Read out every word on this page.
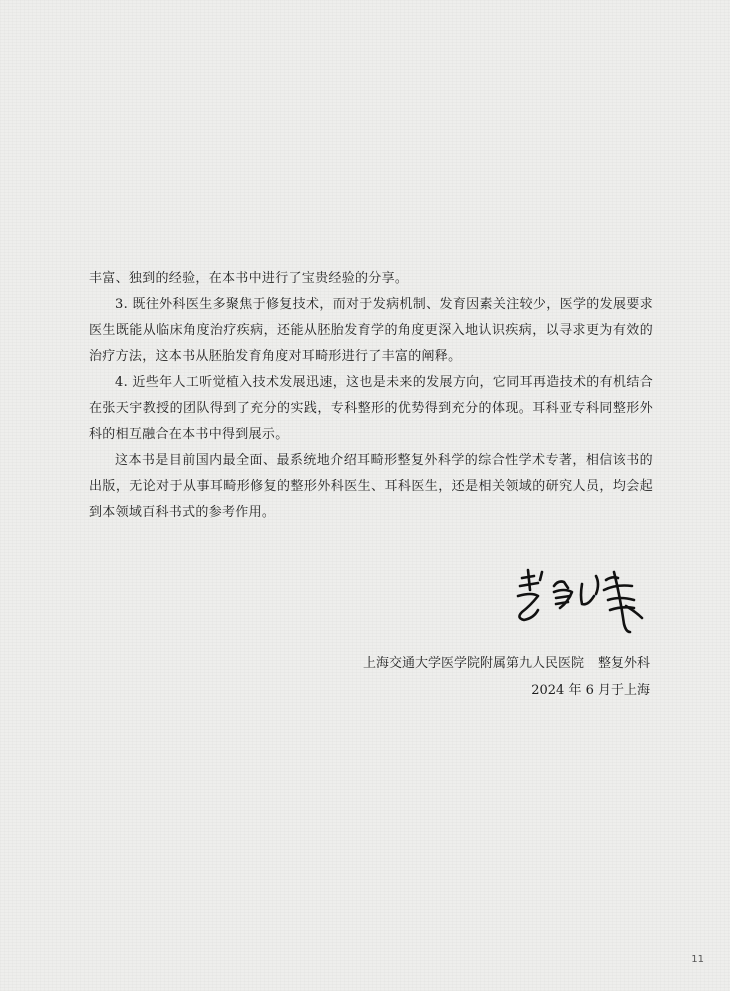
丰富、独到的经验，在本书中进行了宝贵经验的分享。

3. 既往外科医生多聚焦于修复技术，而对于发病机制、发育因素关注较少，医学的发展要求医生既能从临床角度治疗疾病，还能从胚胎发育学的角度更深入地认识疾病，以寻求更为有效的治疗方法，这本书从胚胎发育角度对耳畸形进行了丰富的阐释。

4. 近些年人工听觉植入技术发展迅速，这也是未来的发展方向，它同耳再造技术的有机结合在张天宇教授的团队得到了充分的实践，专科整形的优势得到充分的体现。耳科亚专科同整形外科的相互融合在本书中得到展示。

这本书是目前国内最全面、最系统地介绍耳畸形整复外科学的综合性学术专著，相信该书的出版，无论对于从事耳畸形修复的整形外科医生、耳科医生，还是相关领域的研究人员，均会起到本领域百科书式的参考作用。

上海交通大学医学院附属第九人民医院 整复外科
2024 年 6 月于上海
11
